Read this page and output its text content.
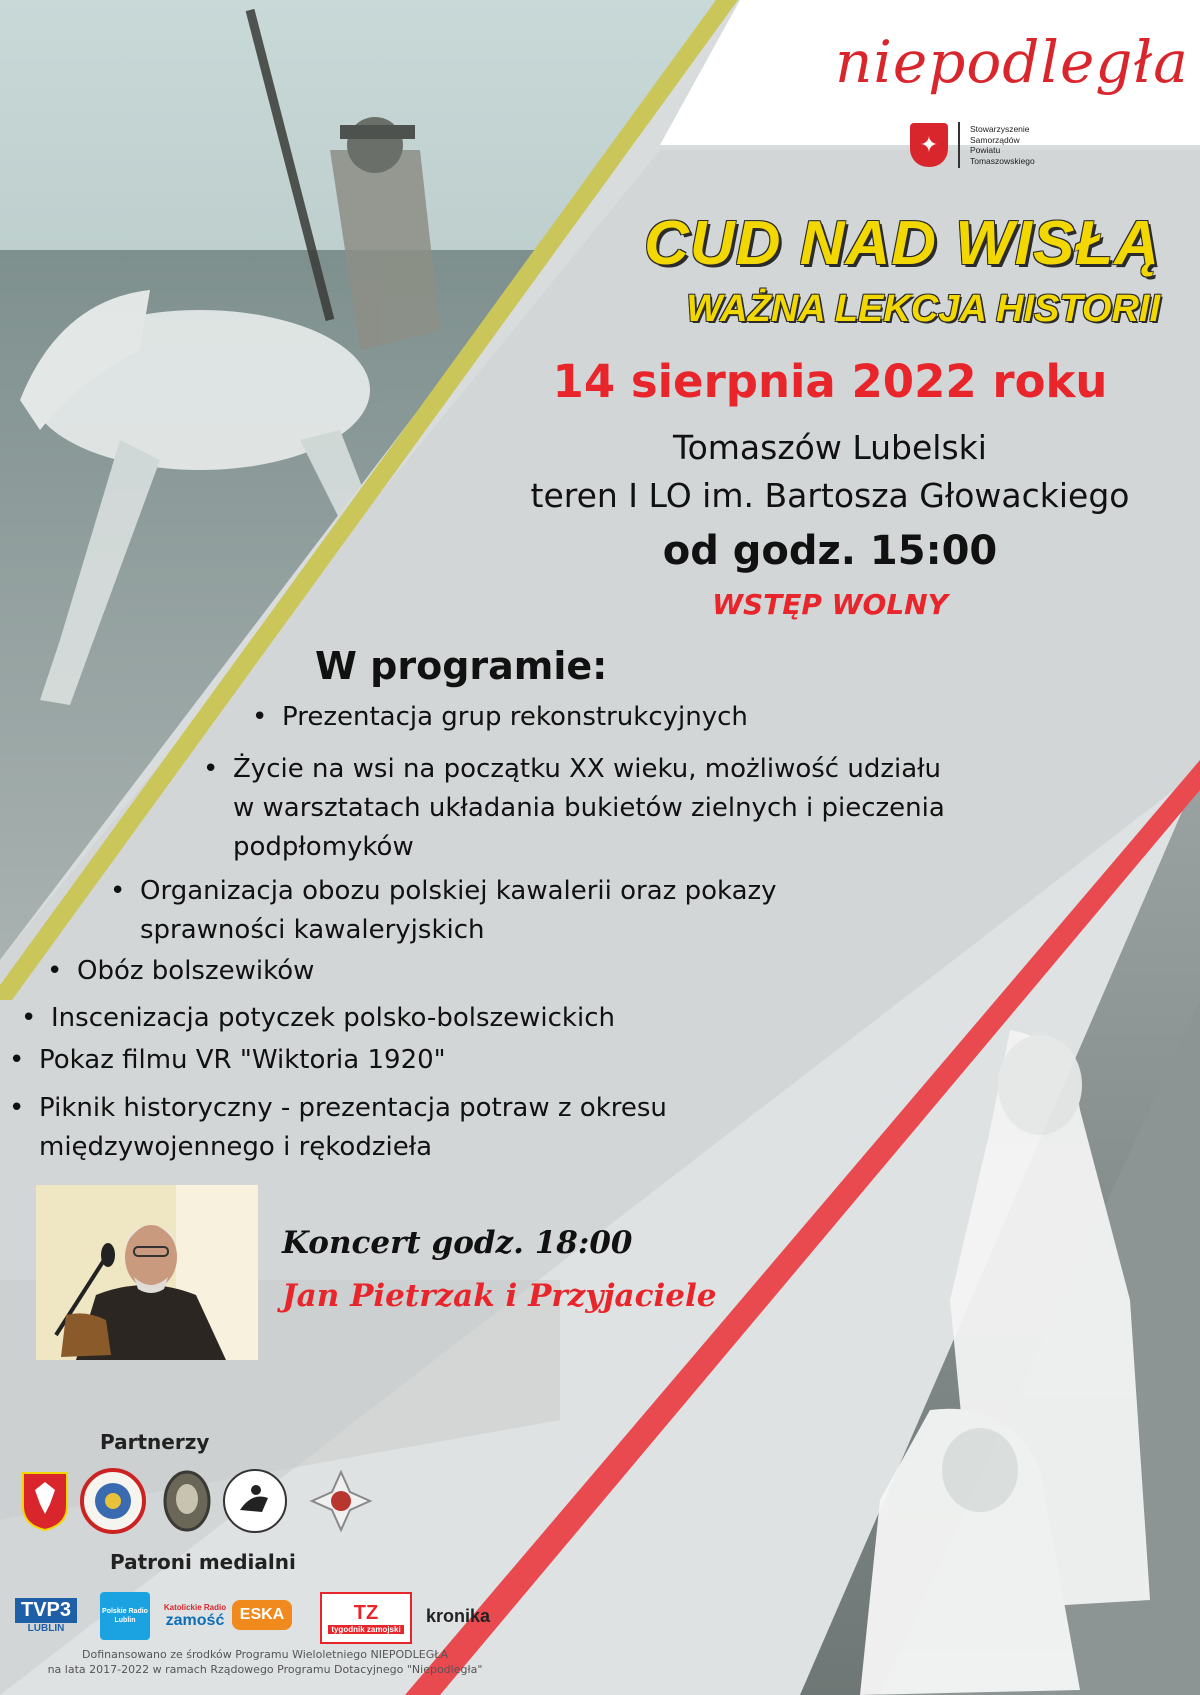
niepodległa
✦
Stowarzyszenie
Samorządów
Powiatu
Tomaszowskiego
CUD NAD WISŁĄ
WAŻNA LEKCJA HISTORII
14 sierpnia 2022 roku
Tomaszów Lubelski
teren I LO im. Bartosza Głowackiego
od godz. 15:00
WSTĘP WOLNY
W programie:
• Prezentacja grup rekonstrukcyjnych
• Życie na wsi na początku XX wieku, możliwość udziału
w warsztatach układania bukietów zielnych i pieczenia
podpłomyków
• Organizacja obozu polskiej kawalerii oraz pokazy
sprawności kawaleryjskich
• Obóz bolszewików
• Inscenizacja potyczek polsko-bolszewickich
• Pokaz filmu VR "Wiktoria 1920"
• Piknik historyczny - prezentacja potraw z okresu
międzywojennego i rękodzieła
Koncert godz. 18:00
Jan Pietrzak i Przyjaciele
Partnerzy
Patroni medialni
TVP3
LUBLIN
Polskie Radio Lublin
Katolickie Radio
zamość ESKA	TZ
tygodnik zamojski
kronika
Dofinansowano ze środków Programu Wieloletniego NIEPODLEGŁA
na lata 2017-2022 w ramach Rządowego Programu Dotacyjnego "Niepodległa"
